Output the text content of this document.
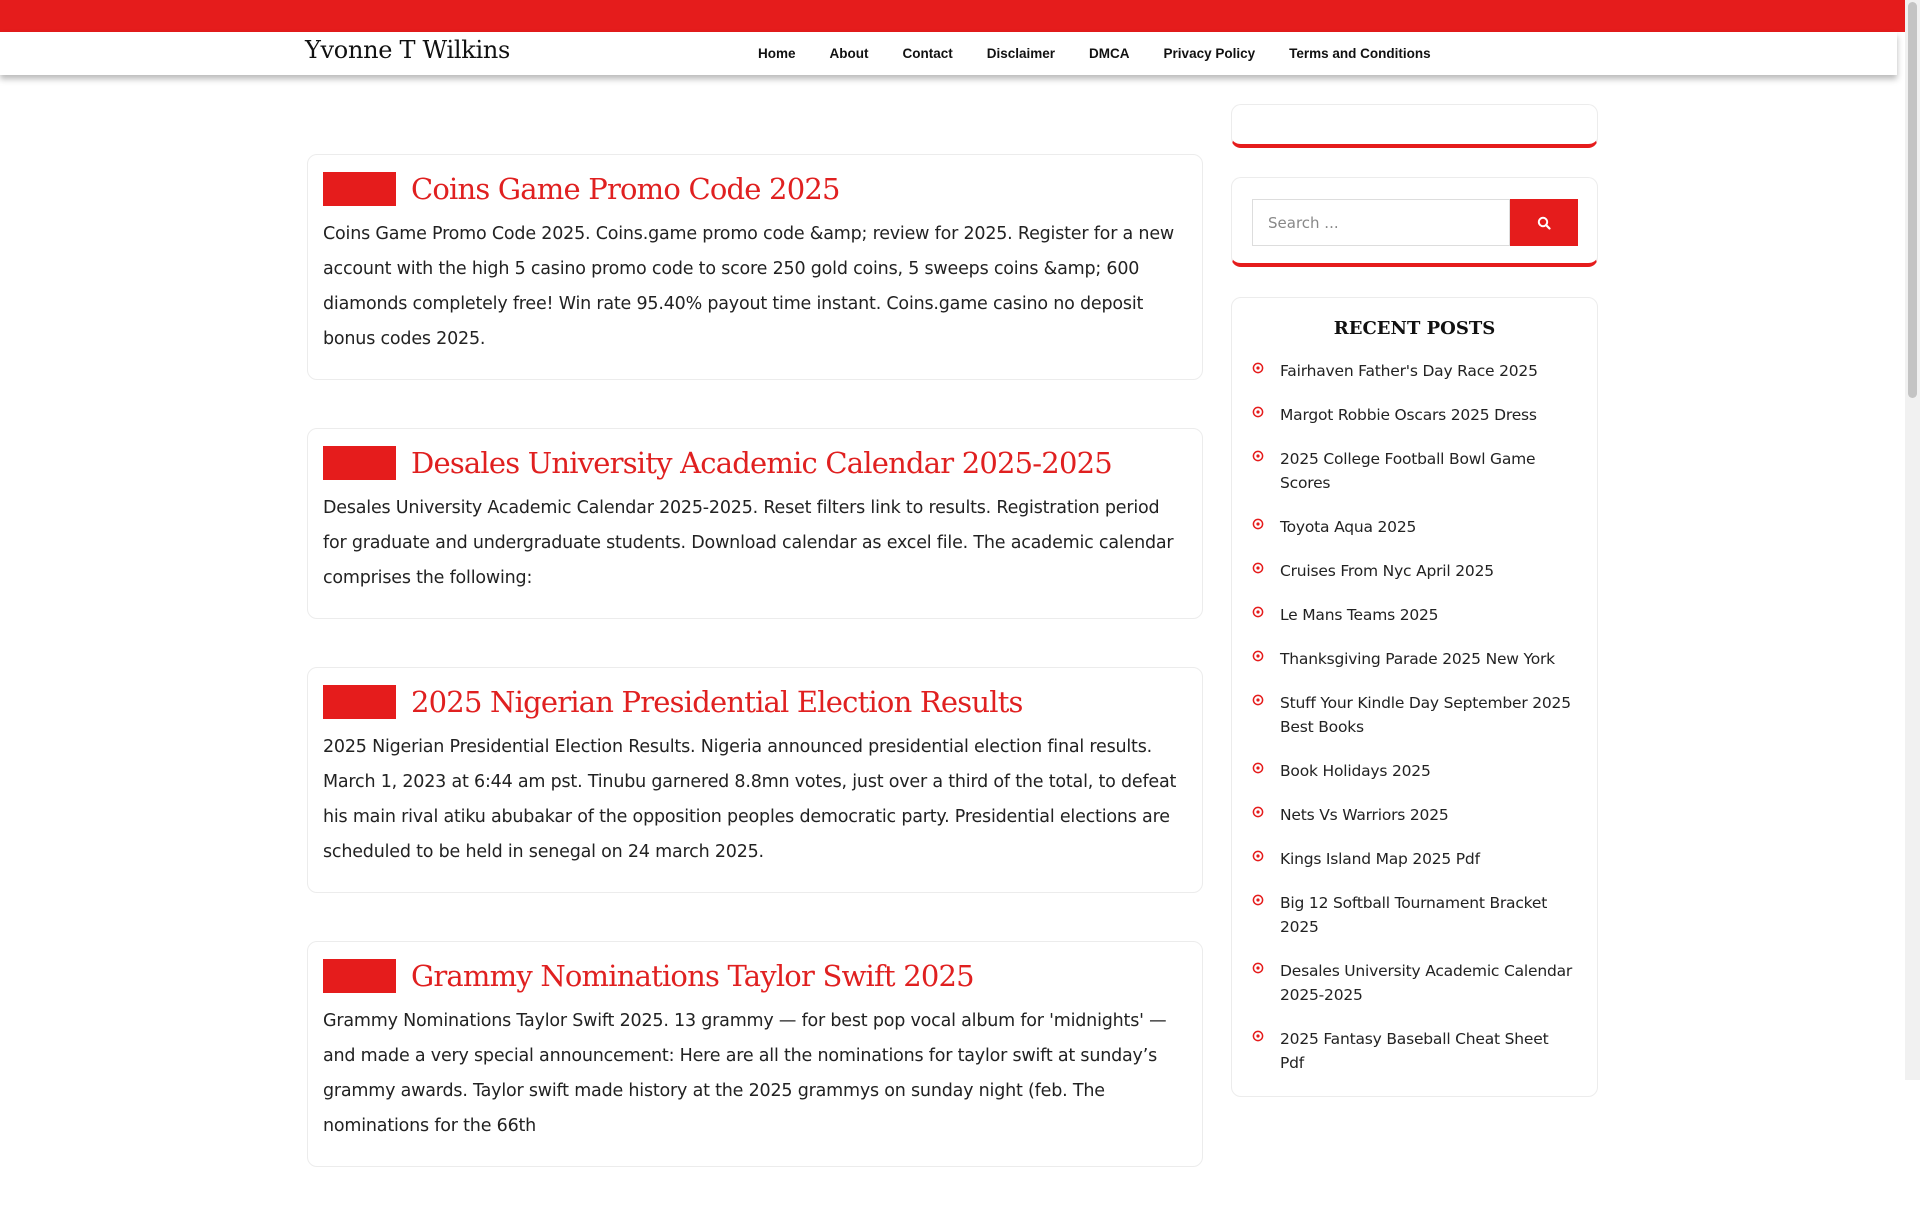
Yvonne T Wilkins	Home	About	Contact	Disclaimer	DMCA	Privacy Policy	Terms and Conditions
Coins Game Promo Code 2025
Coins Game Promo Code 2025. Coins.game promo code &amp; review for 2025. Register for a new account with the high 5 casino promo code to score 250 gold coins, 5 sweeps coins &amp; 600 diamonds completely free! Win rate 95.40% payout time instant. Coins.game casino no deposit bonus codes 2025.
Desales University Academic Calendar 2025-2025
Desales University Academic Calendar 2025-2025. Reset filters link to results. Registration period for graduate and undergraduate students. Download calendar as excel file. The academic calendar comprises the following:
2025 Nigerian Presidential Election Results
2025 Nigerian Presidential Election Results. Nigeria announced presidential election final results. March 1, 2023 at 6:44 am pst. Tinubu garnered 8.8mn votes, just over a third of the total, to defeat his main rival atiku abubakar of the opposition peoples democratic party. Presidential elections are scheduled to be held in senegal on 24 march 2025.
Grammy Nominations Taylor Swift 2025
Grammy Nominations Taylor Swift 2025. 13 grammy — for best pop vocal album for 'midnights' — and made a very special announcement: Here are all the nominations for taylor swift at sunday’s grammy awards. Taylor swift made history at the 2025 grammys on sunday night (feb. The nominations for the 66th
Search ...
RECENT POSTS
Fairhaven Father's Day Race 2025
Margot Robbie Oscars 2025 Dress
2025 College Football Bowl Game Scores
Toyota Aqua 2025
Cruises From Nyc April 2025
Le Mans Teams 2025
Thanksgiving Parade 2025 New York
Stuff Your Kindle Day September 2025 Best Books
Book Holidays 2025
Nets Vs Warriors 2025
Kings Island Map 2025 Pdf
Big 12 Softball Tournament Bracket 2025
Desales University Academic Calendar 2025-2025
2025 Fantasy Baseball Cheat Sheet Pdf
